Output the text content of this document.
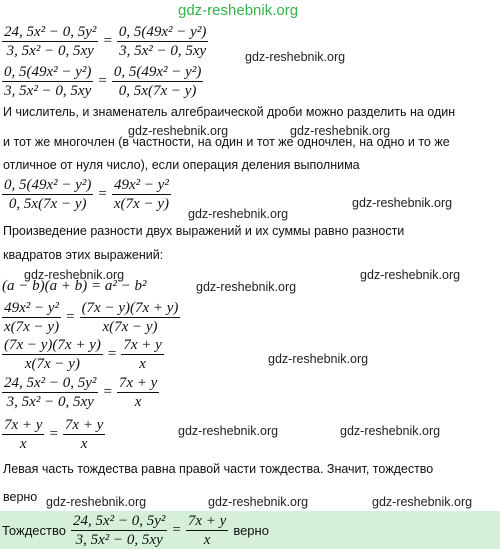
gdz-reshebnik.org
$\frac{\text{24, 5x² − 0, 5y²}}{\text{3, 5x² − 0, 5xy}} = \frac{\text{0, 5(49x² − y²)}}{\text{3, 5x² − 0, 5xy}}$	gdz-reshebnik.org
$\frac{\text{0, 5(49x² − y²)}}{\text{3, 5x² − 0, 5xy}} = \frac{\text{0, 5(49x² − y²)}}{0, 5x(7x - y)}$
И числитель, и знаменатель алгебраической дроби можно разделить на один
gdz-reshebnik.org	gdz-reshebnik.org
и тот же многочлен (в частности, на один и тот же одночлен, на одно и то же
отличное от нуля число), если операция деления выполнима
$\frac{\text{0, 5(49x² − y²)}}{0, 5x(7x - y)} = \frac{\text{49x² − y²}}{x(7x - y)}$	gdz-reshebnik.org
gdz-reshebnik.org
Произведение разности двух выражений и их суммы равно разности
квадратов этих выражений:
gdz-reshebnik.org	gdz-reshebnik.org
(a − b)(a + b) = a² − b²	gdz-reshebnik.org
$\frac{\text{49x² − y²}}{x(7x - y)} = \frac{(7x - y)(7x + y)}{x(7x - y)}$
$\frac{(7x - y)(7x + y)}{x(7x - y)} = \frac{7x + y}{x}$	gdz-reshebnik.org
$\frac{\text{24, 5x² − 0, 5y²}}{\text{3, 5x² − 0, 5xy}} = \frac{7x + y}{x}$
$\frac{7x + y}{x} = \frac{7x + y}{x}$	gdz-reshebnik.org	gdz-reshebnik.org
Левая часть тождества равна правой части тождества. Значит, тождество
верно gdz-reshebnik.org	gdz-reshebnik.org	gdz-reshebnik.org
Тождество $\frac{\text{24, 5x² − 0, 5y²}}{\text{3, 5x² − 0, 5xy}} = \frac{7x + y}{x}$ верно
